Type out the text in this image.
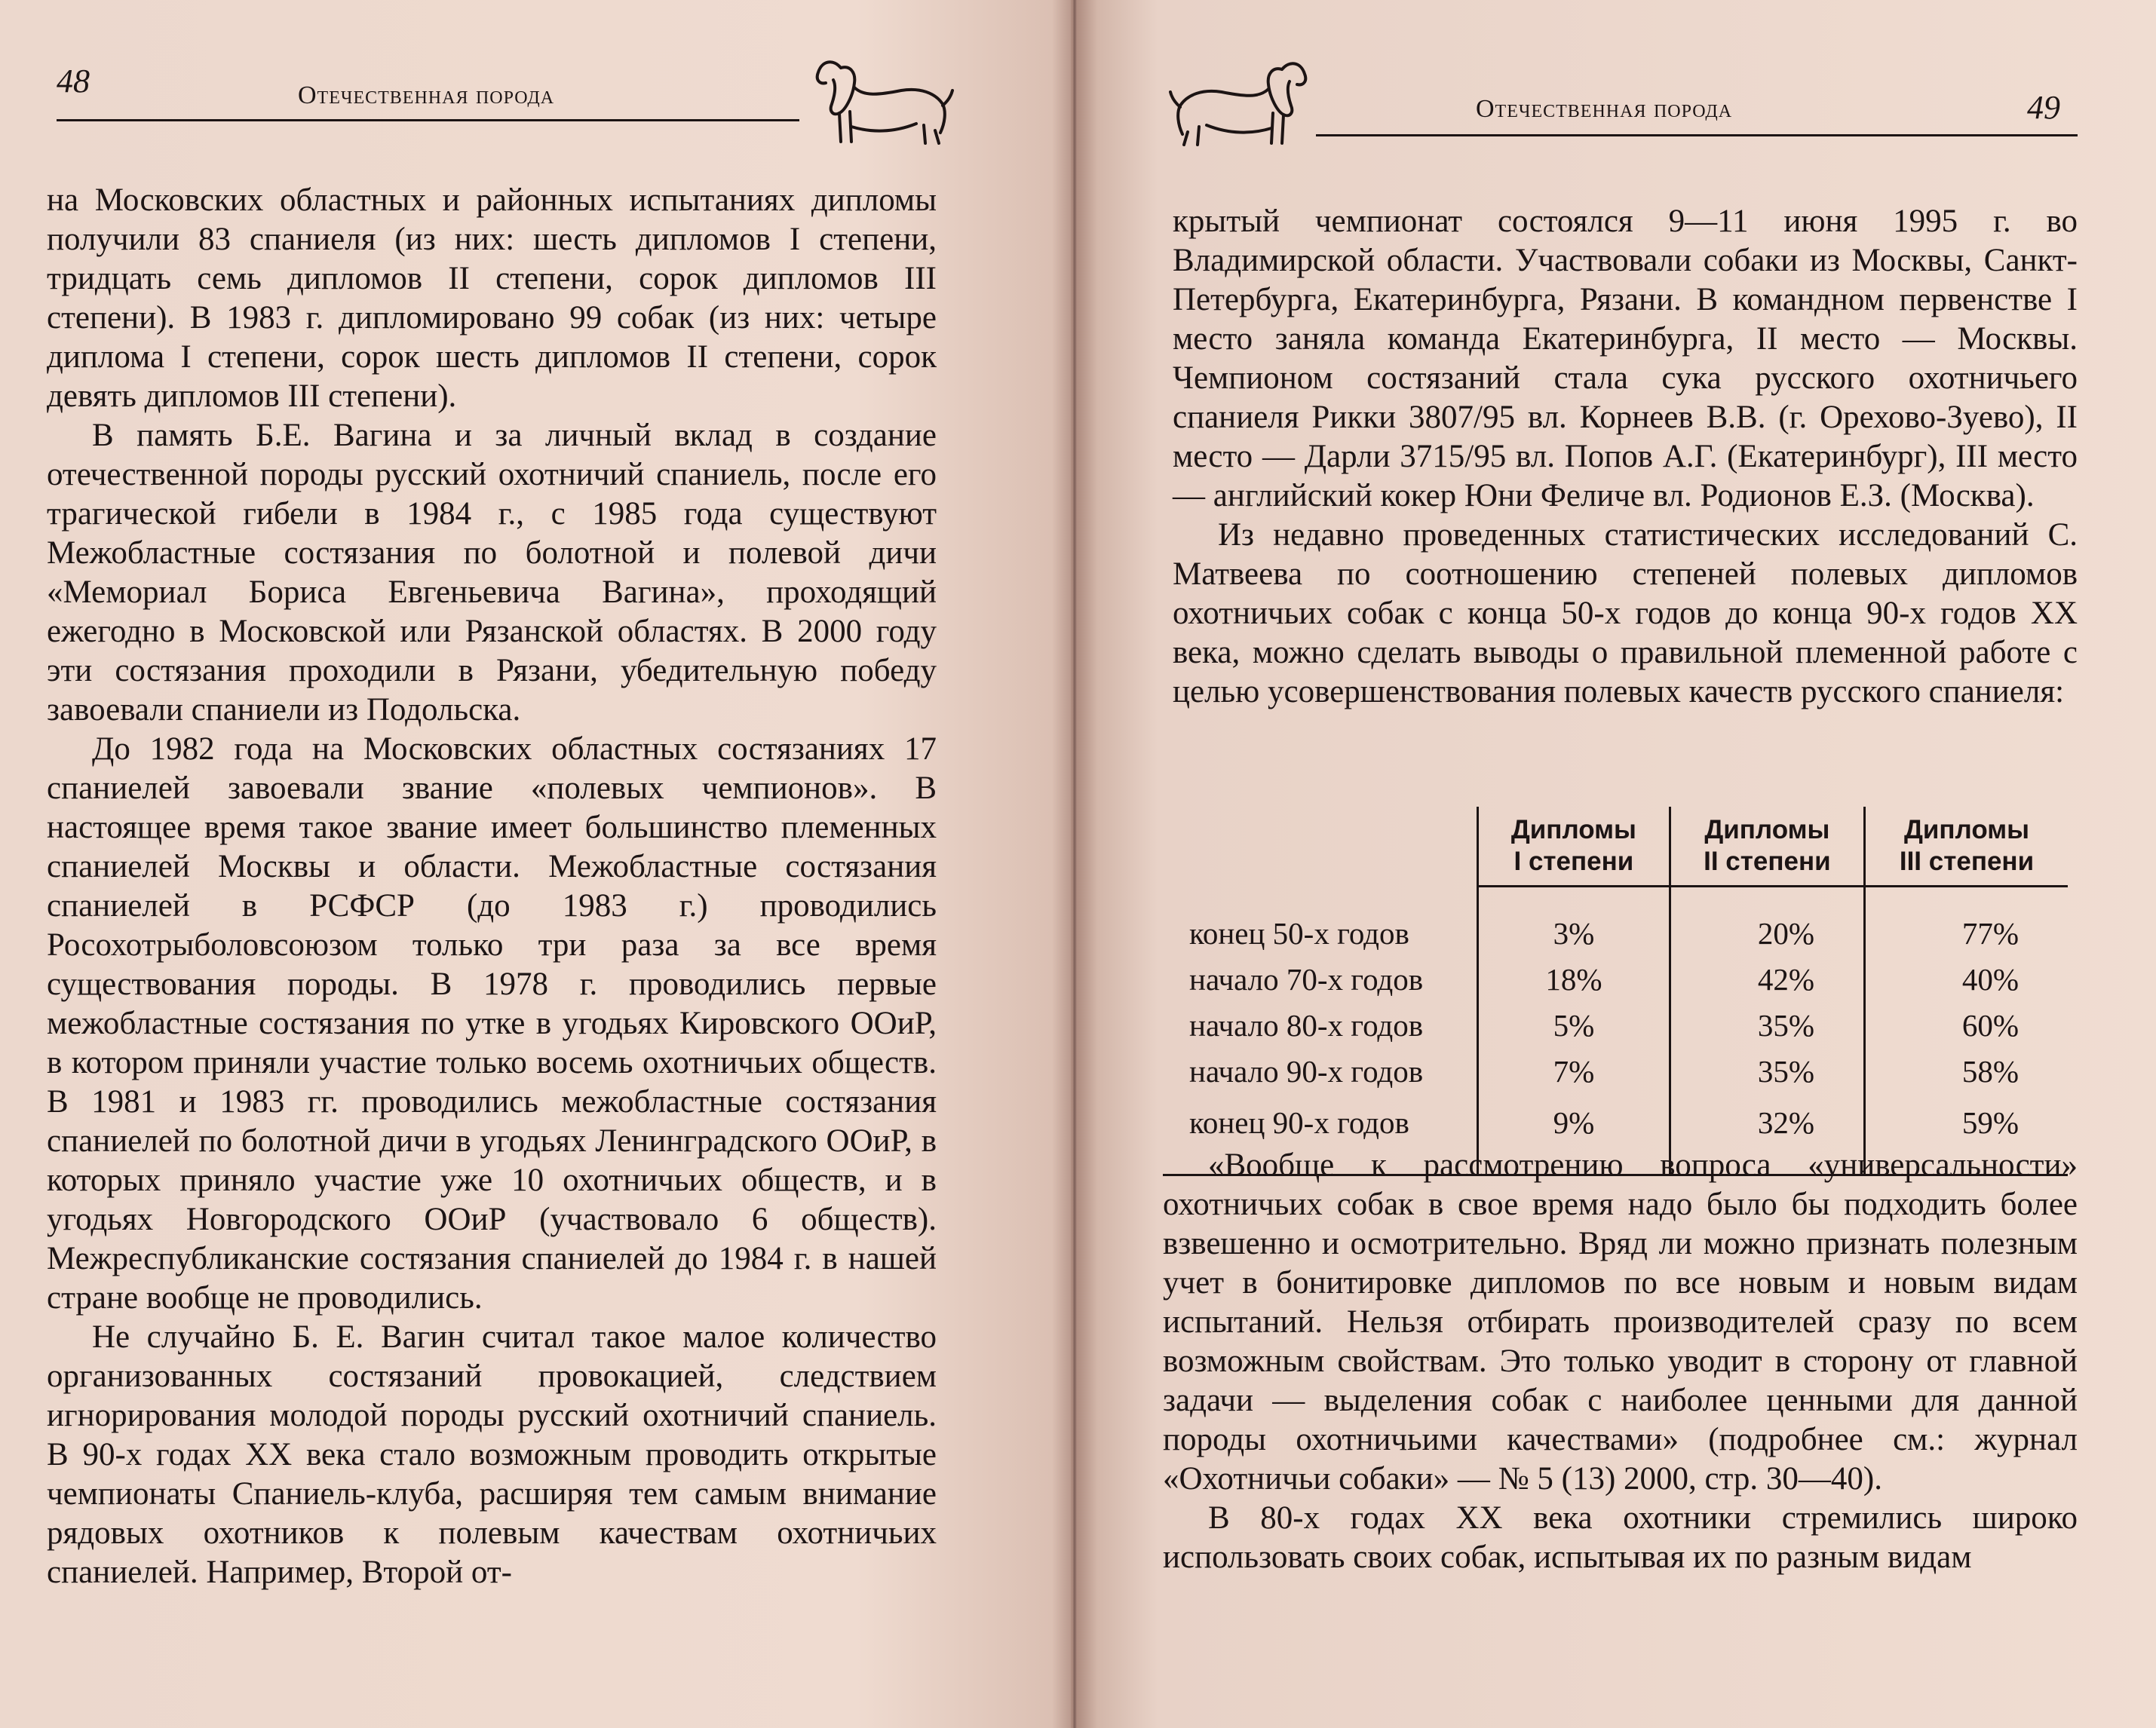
48	Отечественная порода

на Московских областных и районных испытаниях дипломы получили 83 спаниеля (из них: шесть дипломов I степени, тридцать семь дипломов II степени, сорок дипломов III степени). В 1983 г. дипломировано 99 собак (из них: четыре диплома I степени, сорок шесть дипломов II степени, сорок девять дипломов III степени).

В память Б.Е. Вагина и за личный вклад в создание отечественной породы русский охотничий спаниель, после его трагической гибели в 1984 г., с 1985 года существуют Межобластные состязания по болотной и полевой дичи «Мемориал Бориса Евгеньевича Вагина», проходящий ежегодно в Московской или Рязанской областях. В 2000 году эти состязания проходили в Рязани, убедительную победу завоевали спаниели из Подольска.

До 1982 года на Московских областных состязаниях 17 спаниелей завоевали звание «полевых чемпионов». В настоящее время такое звание имеет большинство племенных спаниелей Москвы и области. Межобластные состязания спаниелей в РСФСР (до 1983 г.) проводились Росохотрыболовсоюзом только три раза за все время существования породы. В 1978 г. проводились первые межобластные состязания по утке в угодьях Кировского ООиР, в котором приняли участие только восемь охотничьих обществ. В 1981 и 1983 гг. проводились межобластные состязания спаниелей по болотной дичи в угодьях Ленинградского ООиР, в которых приняло участие уже 10 охотничьих обществ, и в угодьях Новгородского ООиР (участвовало 6 обществ). Межреспубликанские состязания спаниелей до 1984 г. в нашей стране вообще не проводились.

Не случайно Б. Е. Вагин считал такое малое количество организованных состязаний провокацией, следствием игнорирования молодой породы русский охотничий спаниель. В 90-х годах XX века стало возможным проводить открытые чемпионаты Спаниель-клуба, расширяя тем самым внимание рядовых охотников к полевым качествам охотничьих спаниелей. Например, Второй от-

Отечественная порода	49

крытый чемпионат состоялся 9—11 июня 1995 г. во Владимирской области. Участвовали собаки из Москвы, Санкт-Петербурга, Екатеринбурга, Рязани. В командном первенстве I место заняла команда Екатеринбурга, II место — Москвы. Чемпионом состязаний стала сука русского охотничьего спаниеля Рикки 3807/95 вл. Корнеев В.В. (г. Орехово-Зуево), II место — Дарли 3715/95 вл. Попов А.Г. (Екатеринбург), III место — английский кокер Юни Феличе вл. Родионов Е.З. (Москва).

Из недавно проведенных статистических исследований С. Матвеева по соотношению степеней полевых дипломов охотничьих собак с конца 50-х годов до конца 90-х годов XX века, можно сделать выводы о правильной племенной работе с целью усовершенствования полевых качеств русского спаниеля:

	Дипломы
I степени	Дипломы
II степени	Дипломы
III степени

конец 50-х годов	3%	20%	77%
начало 70-х годов	18%	42%	40%
начало 80-х годов	5%	35%	60%
начало 90-х годов	7%	35%	58%
конец 90-х годов	9%	32%	59%

«Вообще к рассмотрению вопроса «универсальности» охотничьих собак в свое время надо было бы подходить более взвешенно и осмотрительно. Вряд ли можно признать полезным учет в бонитировке дипломов по все новым и новым видам испытаний. Нельзя отбирать производителей сразу по всем возможным свойствам. Это только уводит в сторону от главной задачи — выделения собак с наиболее ценными для данной породы охотничьими качествами» (подробнее см.: журнал «Охотничьи собаки» — № 5 (13) 2000, стр. 30—40).

В 80-х годах XX века охотники стремились широко использовать своих собак, испытывая их по разным видам
